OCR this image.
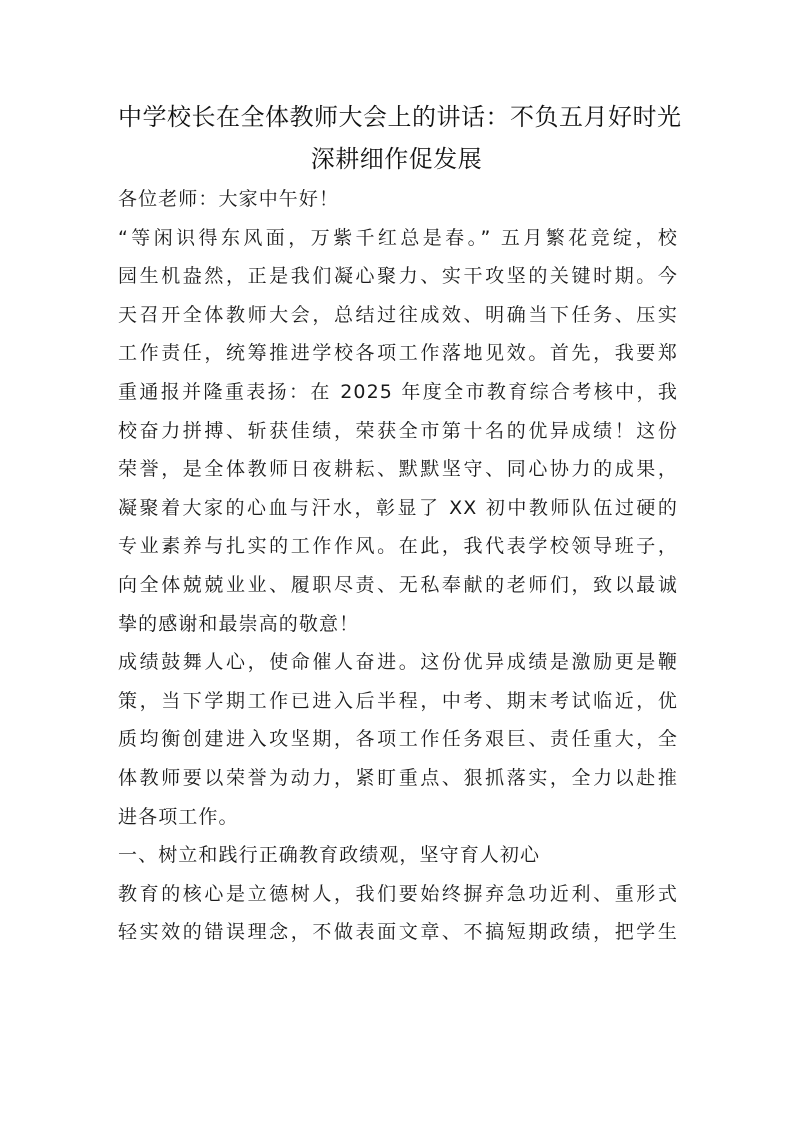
中学校长在全体教师大会上的讲话：不负五月好时光
深耕细作促发展
各位老师：大家中午好！
“等闲识得东风面，万紫千红总是春。” 五月繁花竞绽，校
园生机盎然，正是我们凝心聚力、实干攻坚的关键时期。今
天召开全体教师大会，总结过往成效、明确当下任务、压实
工作责任，统筹推进学校各项工作落地见效。首先，我要郑
重通报并隆重表扬：在 2025 年度全市教育综合考核中，我
校奋力拼搏、斩获佳绩，荣获全市第十名的优异成绩！这份
荣誉，是全体教师日夜耕耘、默默坚守、同心协力的成果，
凝聚着大家的心血与汗水，彰显了 XX 初中教师队伍过硬的
专业素养与扎实的工作作风。在此，我代表学校领导班子，
向全体兢兢业业、履职尽责、无私奉献的老师们，致以最诚
挚的感谢和最崇高的敬意！
成绩鼓舞人心，使命催人奋进。这份优异成绩是激励更是鞭
策，当下学期工作已进入后半程，中考、期末考试临近，优
质均衡创建进入攻坚期，各项工作任务艰巨、责任重大，全
体教师要以荣誉为动力，紧盯重点、狠抓落实，全力以赴推
进各项工作。
一、树立和践行正确教育政绩观，坚守育人初心
教育的核心是立德树人，我们要始终摒弃急功近利、重形式
轻实效的错误理念，不做表面文章、不搞短期政绩，把学生
